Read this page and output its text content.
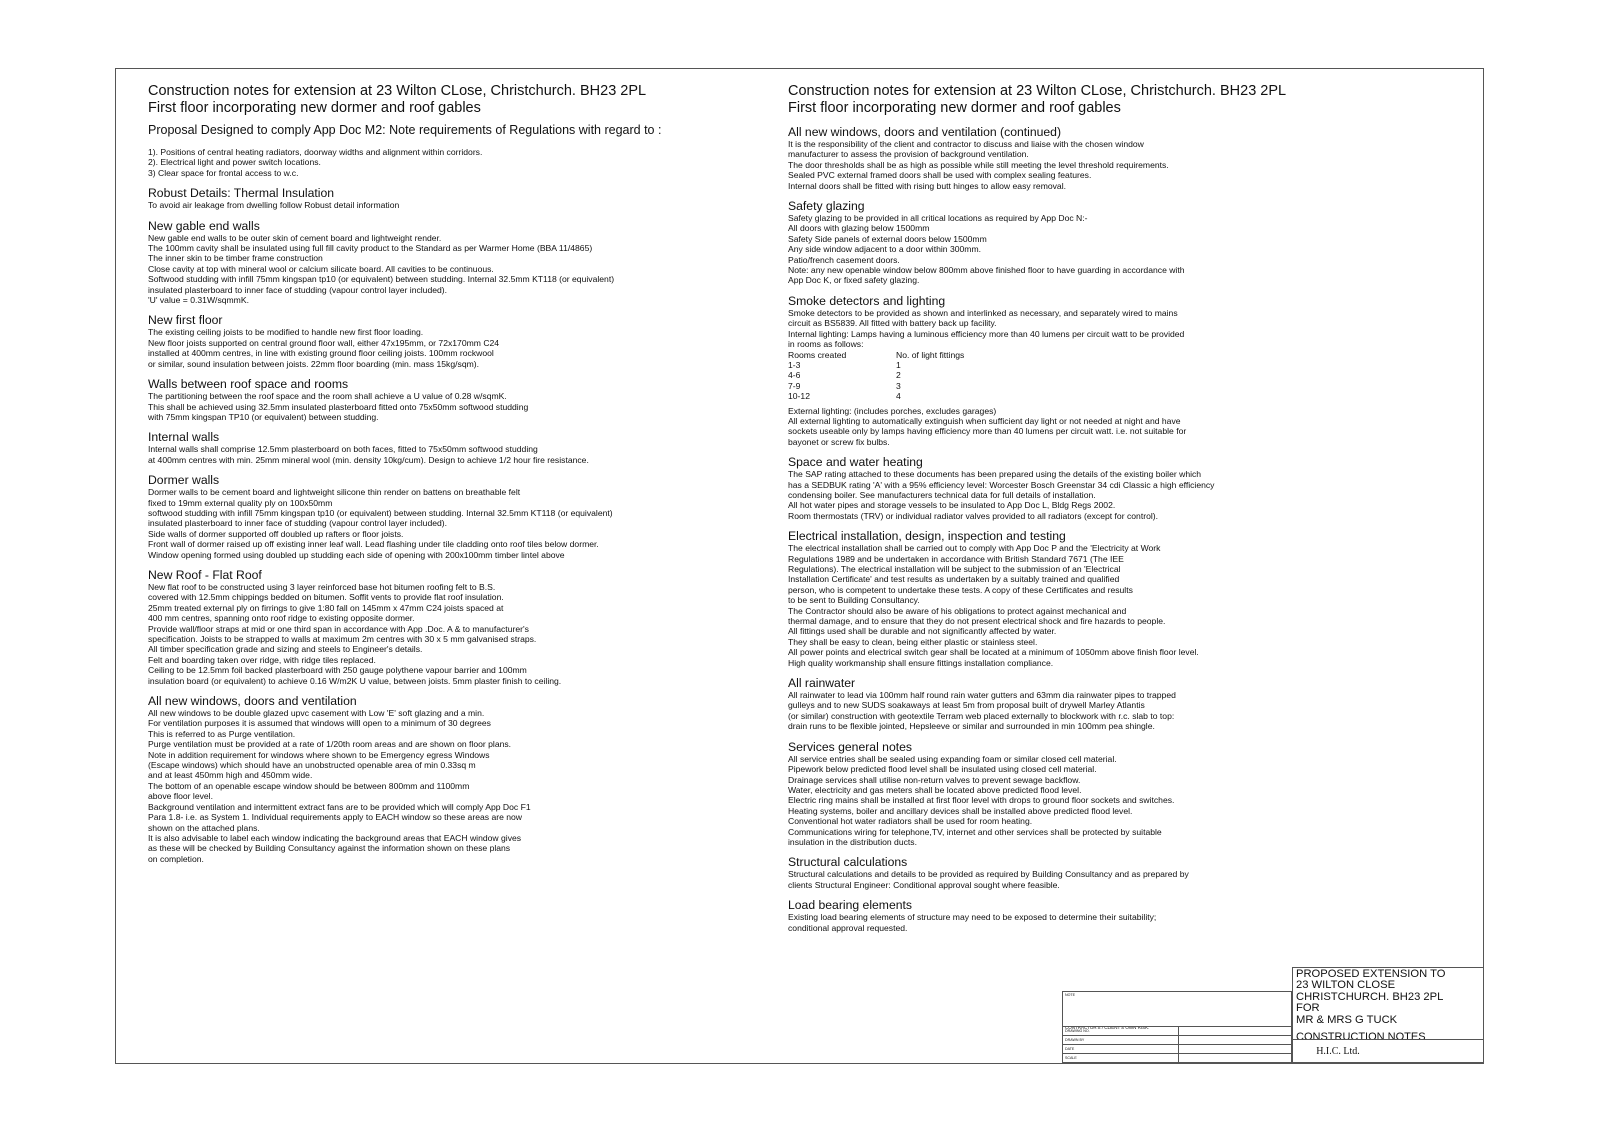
Construction notes for extension at 23 Wilton CLose, Christchurch. BH23 2PL
First floor incorporating new dormer and roof gables
Proposal Designed to comply App Doc M2: Note requirements of Regulations with regard to :
1). Positions of central heating radiators, doorway widths and alignment within corridors.
2). Electrical light and power switch locations.
3) Clear space for frontal access to w.c.
Robust Details: Thermal Insulation
To avoid air leakage from dwelling follow Robust detail information
New gable end walls
New gable end walls to be outer skin of cement board and lightweight render.
The 100mm cavity shall be insulated using full fill cavity product to the Standard as per Warmer Home (BBA 11/4865)
The inner skin to be timber frame construction
Close cavity at top with mineral wool or calcium silicate board. All cavities to be continuous.
Softwood studding with infill 75mm kingspan tp10 (or equivalent) between studding. Internal 32.5mm KT118 (or equivalent)
insulated plasterboard to inner face of studding (vapour control layer included).
'U' value = 0.31W/sqmmK.
New first floor
The existing ceiling joists to be modified to handle new first floor loading.
New floor joists supported on central ground floor wall, either 47x195mm, or 72x170mm C24
installed at 400mm centres, in line with existing ground floor ceiling joists. 100mm rockwool
or similar, sound insulation between joists. 22mm floor boarding (min. mass 15kg/sqm).
Walls between roof space and rooms
The partitioning between the roof space and the room shall achieve a U value of 0.28 w/sqmK.
This shall be achieved using 32.5mm insulated plasterboard fitted onto 75x50mm softwood studding
with 75mm kingspan TP10 (or equivalent) between studding.
Internal walls
Internal walls shall comprise 12.5mm plasterboard on both faces, fitted to 75x50mm softwood studding
at 400mm centres with min. 25mm mineral wool (min. density 10kg/cum). Design to achieve 1/2 hour fire resistance.
Dormer walls
Dormer walls to be cement board and lightweight silicone thin render on battens on breathable felt
fixed to 19mm external quality ply on 100x50mm
softwood studding with infill 75mm kingspan tp10 (or equivalent) between studding. Internal 32.5mm KT118 (or equivalent)
insulated plasterboard to inner face of studding (vapour control layer included).
Side walls of dormer supported off doubled up rafters or floor joists.
Front wall of dormer raised up off existing inner leaf wall. Lead flashing under tile cladding onto roof tiles below dormer.
Window opening formed using doubled up studding each side of opening with 200x100mm timber lintel above
New Roof - Flat Roof
New flat roof to be constructed using 3 layer reinforced base hot bitumen roofing felt to B.S.
covered with 12.5mm chippings bedded on bitumen. Soffit vents to provide flat roof insulation.
25mm treated external ply on firrings to give 1:80 fall on 145mm x 47mm C24 joists spaced at
400 mm centres, spanning onto roof ridge to existing opposite dormer.
Provide wall/floor straps at mid or one third span in accordance with App .Doc. A & to manufacturer's
specification. Joists to be strapped to walls at maximum 2m centres with 30 x 5 mm galvanised straps.
All timber specification grade and sizing and steels to Engineer's details.
Felt and boarding taken over ridge, with ridge tiles replaced.
Ceiling to be 12.5mm foil backed plasterboard with 250 gauge polythene vapour barrier and 100mm
insulation board (or equivalent) to achieve 0.16 W/m2K U value, between joists. 5mm plaster finish to ceiling.
All new windows, doors and ventilation
All new windows to be double glazed upvc casement with Low 'E' soft glazing and a min.
For ventilation purposes it is assumed that windows willl open to a minimum of 30 degrees
This is referred to as Purge ventilation.
Purge ventilation must be provided at a rate of 1/20th room areas and are shown on floor plans.
Note in addition requirement for windows where shown to be Emergency egress Windows
(Escape windows) which should have an unobstructed openable area of min 0.33sq m
and at least 450mm high and 450mm wide.
The bottom of an openable escape window should be between 800mm and 1100mm
above floor level.
Background ventilation and intermittent extract fans are to be provided which will comply App Doc F1
Para 1.8- i.e. as System 1. Individual requirements apply to EACH window so these areas are now
shown on the attached plans.
It is also advisable to label each window indicating the background areas that EACH window gives
as these will be checked by Building Consultancy against the information shown on these plans
on completion.
Construction notes for extension at 23 Wilton CLose, Christchurch. BH23 2PL
First floor incorporating new dormer and roof gables
All new windows, doors and ventilation (continued)
It is the responsibility of the client and contractor to discuss and liaise with the chosen window
manufacturer to assess the provision of background ventilation.
The door thresholds shall be as high as possible while still meeting the level threshold requirements.
Sealed PVC external framed doors shall be used with complex sealing features.
Internal doors shall be fitted with rising butt hinges to allow easy removal.
Safety glazing
Safety glazing to be provided in all critical locations as required by App Doc N:-
All doors with glazing below 1500mm
Safety Side panels of external doors below 1500mm
Any side window adjacent to a door within 300mm.
Patio/french casement doors.
Note: any new openable window below 800mm above finished floor to have guarding in accordance with
App Doc K, or fixed safety glazing.
Smoke detectors and lighting
Smoke detectors to be provided as shown and interlinked as necessary, and separately wired to mains
circuit as BS5839. All fitted with battery back up facility.
Internal lighting: Lamps having a luminous efficiency more than 40 lumens per circuit watt to be provided
in rooms as follows:
Rooms created	No. of light fittings
1-3	1
4-6	2
7-9	3
10-12	4
External lighting: (includes porches, excludes garages)
All external lighting to automatically extinguish when sufficient day light or not needed at night and have
sockets useable only by lamps having efficiency more than 40 lumens per circuit watt. i.e. not suitable for
bayonet or screw fix bulbs.
Space and water heating
The SAP rating attached to these documents has been prepared using the details of the existing boiler which
has a SEDBUK rating 'A' with a 95% efficiency level: Worcester Bosch Greenstar 34 cdi Classic a high efficiency
condensing boiler. See manufacturers technical data for full details of installation.
All hot water pipes and storage vessels to be insulated to App Doc L, Bldg Regs 2002.
Room thermostats (TRV) or individual radiator valves provided to all radiators (except for control).
Electrical installation, design, inspection and testing
The electrical installation shall be carried out to comply with App Doc P and the 'Electricity at Work
Regulations 1989 and be undertaken in accordance with British Standard 7671 (The IEE
Regulations). The electrical installation will be subject to the submission of an 'Electrical
Installation Certificate' and test results as undertaken by a suitably trained and qualified
person, who is competent to undertake these tests. A copy of these Certificates and results
to be sent to Building Consultancy.
The Contractor should also be aware of his obligations to protect against mechanical and
thermal damage, and to ensure that they do not present electrical shock and fire hazards to people.
All fittings used shall be durable and not significantly affected by water.
They shall be easy to clean, being either plastic or stainless steel.
All power points and electrical switch gear shall be located at a minimum of 1050mm above finish floor level.
High quality workmanship shall ensure fittings installation compliance.
All rainwater
All rainwater to lead via 100mm half round rain water gutters and 63mm dia rainwater pipes to trapped
gulleys and to new SUDS soakaways at least 5m from proposal built of drywell Marley Atlantis
(or similar) construction with geotextile Terram web placed externally to blockwork with r.c. slab to top:
drain runs to be flexible jointed, Hepsleeve or similar and surrounded in min 100mm pea shingle.
Services general notes
All service entries shall be sealed using expanding foam or similar closed cell material.
Pipework below predicted flood level shall be insulated using closed cell material.
Drainage services shall utilise non-return valves to prevent sewage backflow.
Water, electricity and gas meters shall be located above predicted flood level.
Electric ring mains shall be installed at first floor level with drops to ground floor sockets and switches.
Heating systems, boiler and ancillary devices shall be installed above predicted flood level.
Conventional hot water radiators shall be used for room heating.
Communications wiring for telephone,TV, internet and other services shall be protected by suitable
insulation in the distribution ducts.
Structural calculations
Structural calculations and details to be provided as required by Building Consultancy and as prepared by
clients Structural Engineer: Conditional approval sought where feasible.
Load bearing elements
Existing load bearing elements of structure may need to be exposed to determine their suitability;
conditional approval requested.
NOTE
CONTRACTOR'S / CLIENT'S OWN RISK.
DRAWING NO.
DRAWN BY
DATE
SCALE
PROPOSED EXTENSION TO
23 WILTON CLOSE
CHRISTCHURCH. BH23 2PL
FOR
MR & MRS G TUCK
CONSTRUCTION NOTES
H.I.C. Ltd.
